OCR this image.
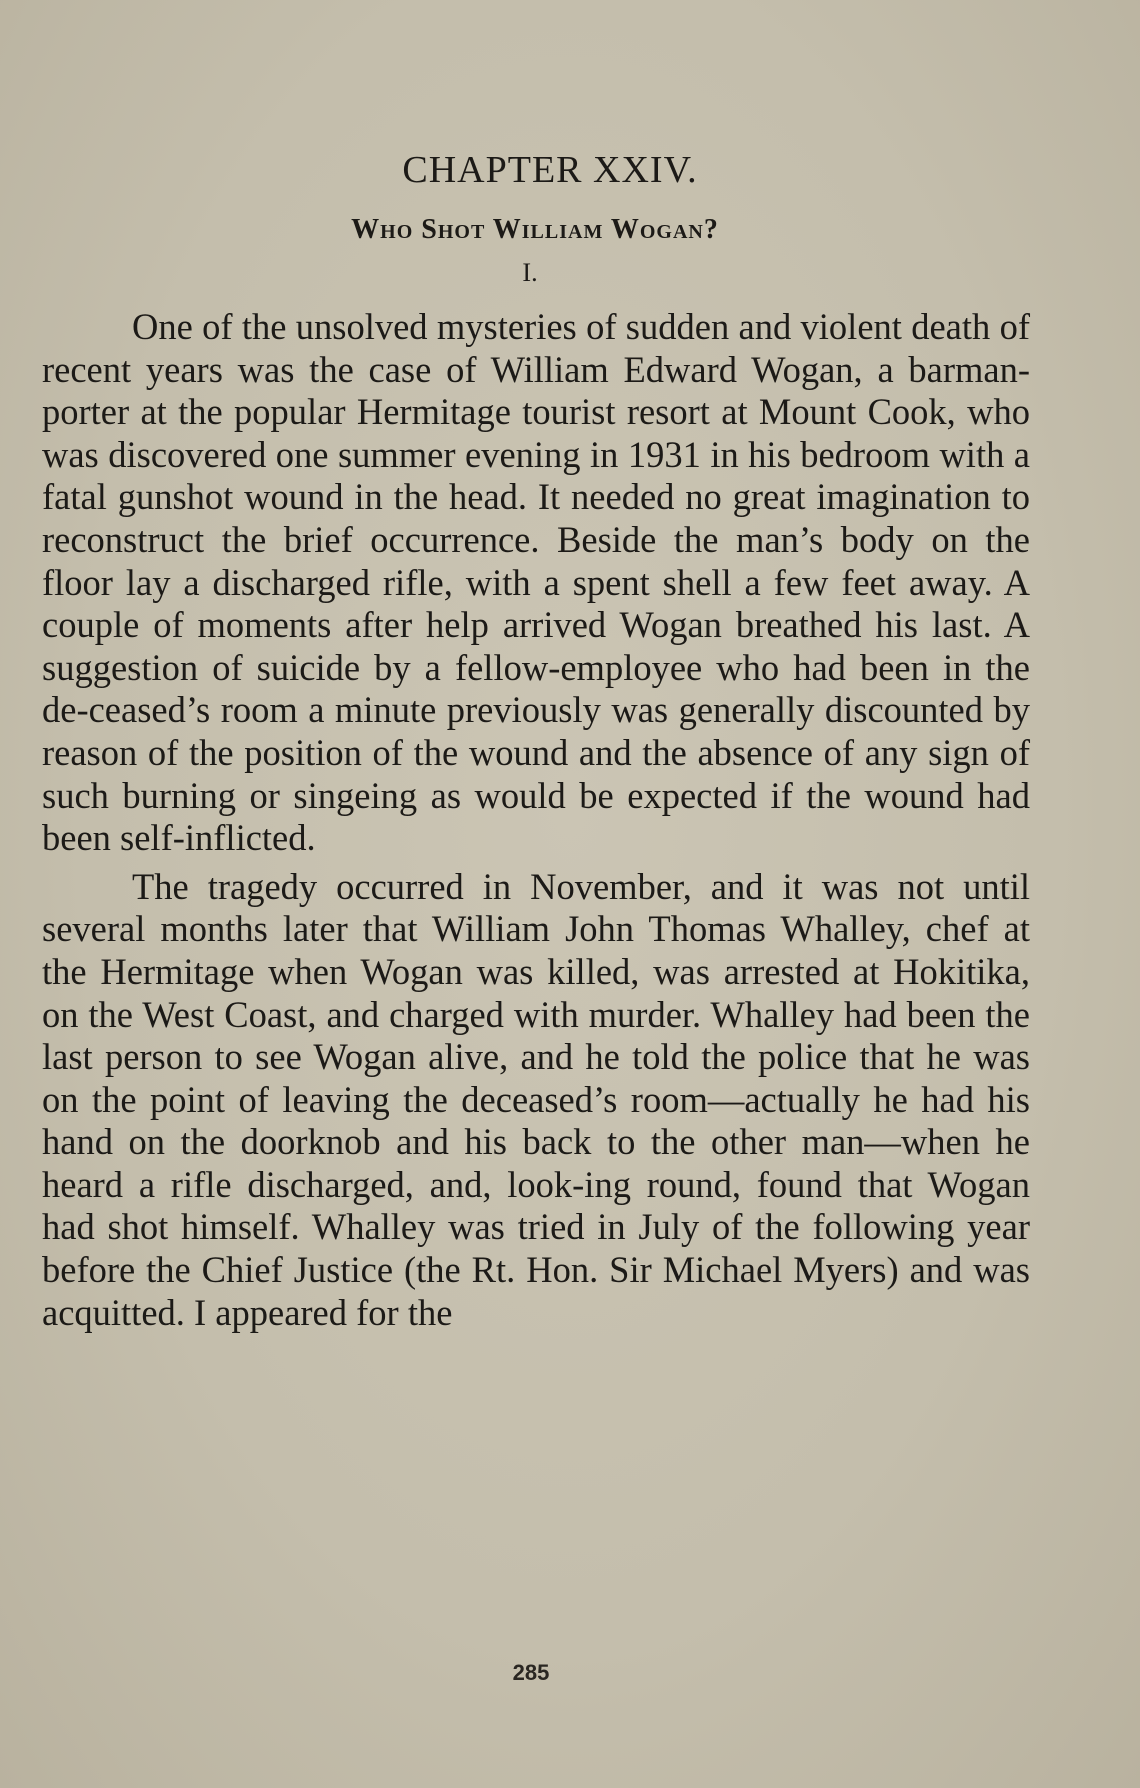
CHAPTER XXIV.
Who Shot William Wogan?
I.

One of the unsolved mysteries of sudden and violent death of recent years was the case of William Edward Wogan, a barman-porter at the popular Hermitage tourist resort at Mount Cook, who was discovered one summer evening in 1931 in his bedroom with a fatal gunshot wound in the head. It needed no great imagination to reconstruct the brief occurrence. Beside the man’s body on the floor lay a discharged rifle, with a spent shell a few feet away. A couple of moments after help arrived Wogan breathed his last. A suggestion of suicide by a fellow-employee who had been in the de-ceased’s room a minute previously was generally discounted by reason of the position of the wound and the absence of any sign of such burning or singeing as would be expected if the wound had been self-inflicted.

The tragedy occurred in November, and it was not until several months later that William John Thomas Whalley, chef at the Hermitage when Wogan was killed, was arrested at Hokitika, on the West Coast, and charged with murder. Whalley had been the last person to see Wogan alive, and he told the police that he was on the point of leaving the deceased’s room—actually he had his hand on the doorknob and his back to the other man—when he heard a rifle discharged, and, look-ing round, found that Wogan had shot himself. Whalley was tried in July of the following year before the Chief Justice (the Rt. Hon. Sir Michael Myers) and was acquitted. I appeared for the

285
